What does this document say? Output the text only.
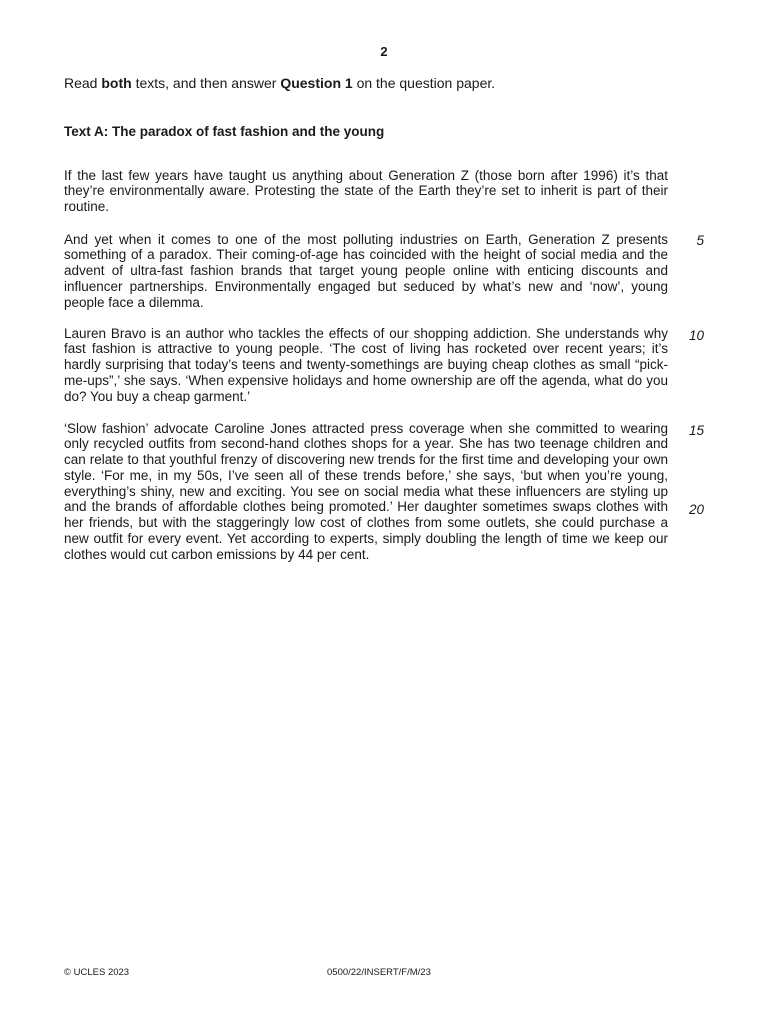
2
Read both texts, and then answer Question 1 on the question paper.
Text A: The paradox of fast fashion and the young

If the last few years have taught us anything about Generation Z (those born after 1996) it’s that they’re environmentally aware. Protesting the state of the Earth they’re set to inherit is part of their routine.

And yet when it comes to one of the most polluting industries on Earth, Generation Z presents something of a paradox. Their coming-of-age has coincided with the height of social media and the advent of ultra-fast fashion brands that target young people online with enticing discounts and influencer partnerships. Environmentally engaged but seduced by what’s new and ‘now’, young people face a dilemma.

Lauren Bravo is an author who tackles the effects of our shopping addiction. She understands why fast fashion is attractive to young people. ‘The cost of living has rocketed over recent years; it’s hardly surprising that today’s teens and twenty-somethings are buying cheap clothes as small “pick-me-ups”,’ she says. ‘When expensive holidays and home ownership are off the agenda, what do you do? You buy a cheap garment.’

‘Slow fashion’ advocate Caroline Jones attracted press coverage when she committed to wearing only recycled outfits from second-hand clothes shops for a year. She has two teenage children and can relate to that youthful frenzy of discovering new trends for the first time and developing your own style. ‘For me, in my 50s, I’ve seen all of these trends before,’ she says, ‘but when you’re young, everything’s shiny, new and exciting. You see on social media what these influencers are styling up and the brands of affordable clothes being promoted.’ Her daughter sometimes swaps clothes with her friends, but with the staggeringly low cost of clothes from some outlets, she could purchase a new outfit for every event. Yet according to experts, simply doubling the length of time we keep our clothes would cut carbon emissions by 44 per cent.

5
10
15
20
© UCLES 2023	0500/22/INSERT/F/M/23
